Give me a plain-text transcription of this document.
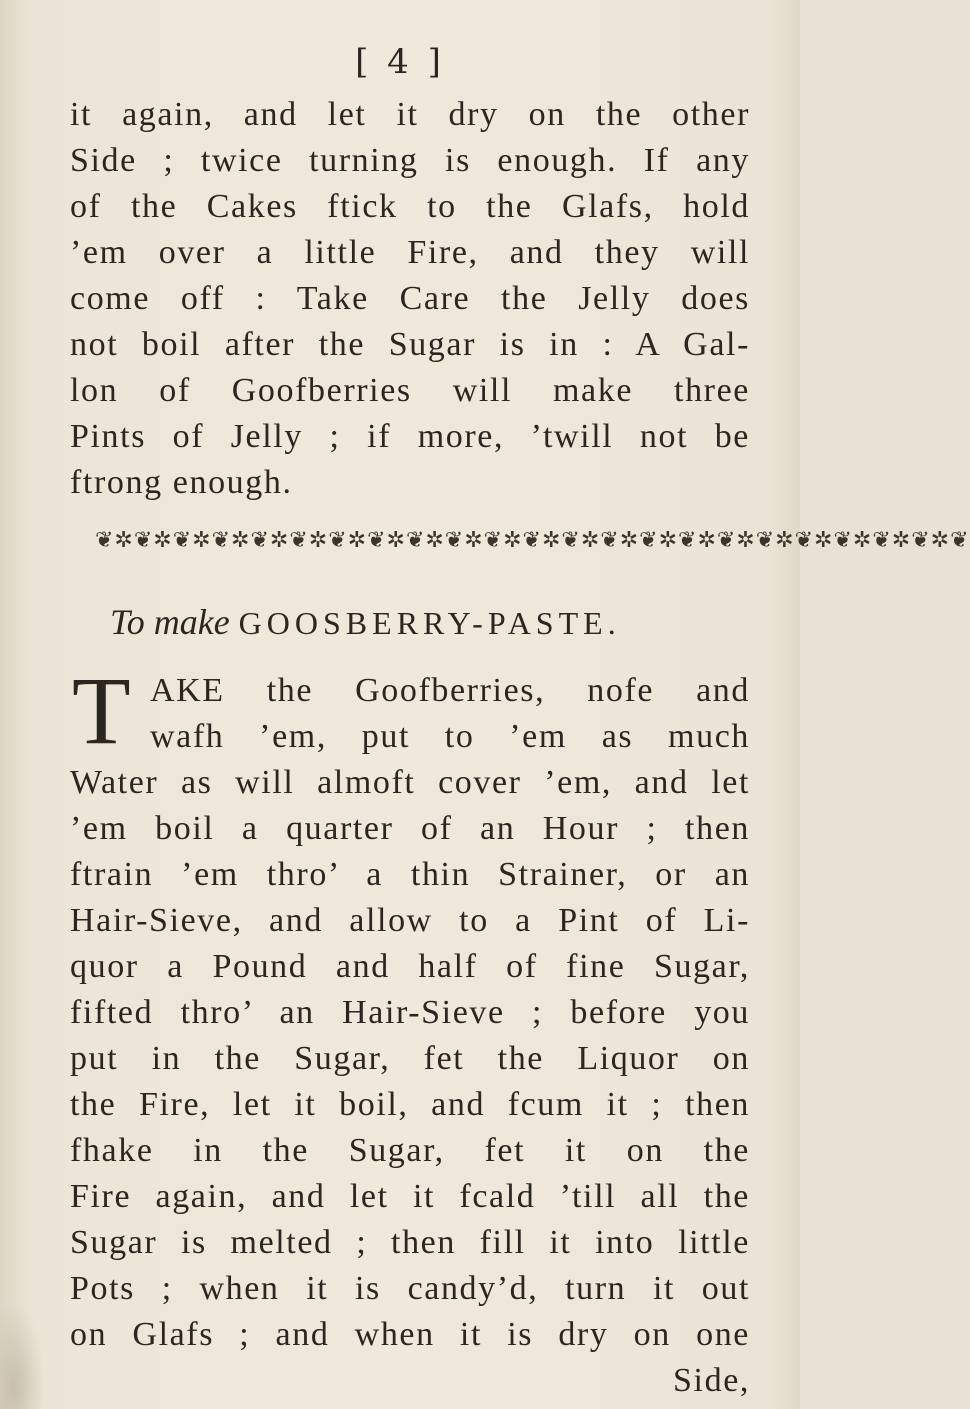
[ 4 ]
it again, and let it dry on the other
Side ; twice turning is enough. If any
of the Cakes ftick to the Glafs, hold
’em over a little Fire, and they will
come off : Take Care the Jelly does
not boil after the Sugar is in : A Gal-
lon of Goofberries will make three
Pints of Jelly ; if more, ’twill not be
ftrong enough.
❦✲❦✲❦✲❦✲❦✲❦✲❦✲❦✲❦✲❦✲❦✲❦✲❦✲❦✲❦✲❦✲❦✲❦✲❦✲❦✲❦✲❦✲❦
To make GOOSBERRY-PASTE.
T AKE the Goofberries, nofe and
wafh ’em, put to ’em as much
Water as will almoft cover ’em, and let
’em boil a quarter of an Hour ; then
ftrain ’em thro’ a thin Strainer, or an
Hair-Sieve, and allow to a Pint of Li-
quor a Pound and half of fine Sugar,
fifted thro’ an Hair-Sieve ; before you
put in the Sugar, fet the Liquor on
the Fire, let it boil, and fcum it ; then
fhake in the Sugar, fet it on the
Fire again, and let it fcald ’till all the
Sugar is melted ; then fill it into little
Pots ; when it is candy’d, turn it out
on Glafs ; and when it is dry on one
Side,
